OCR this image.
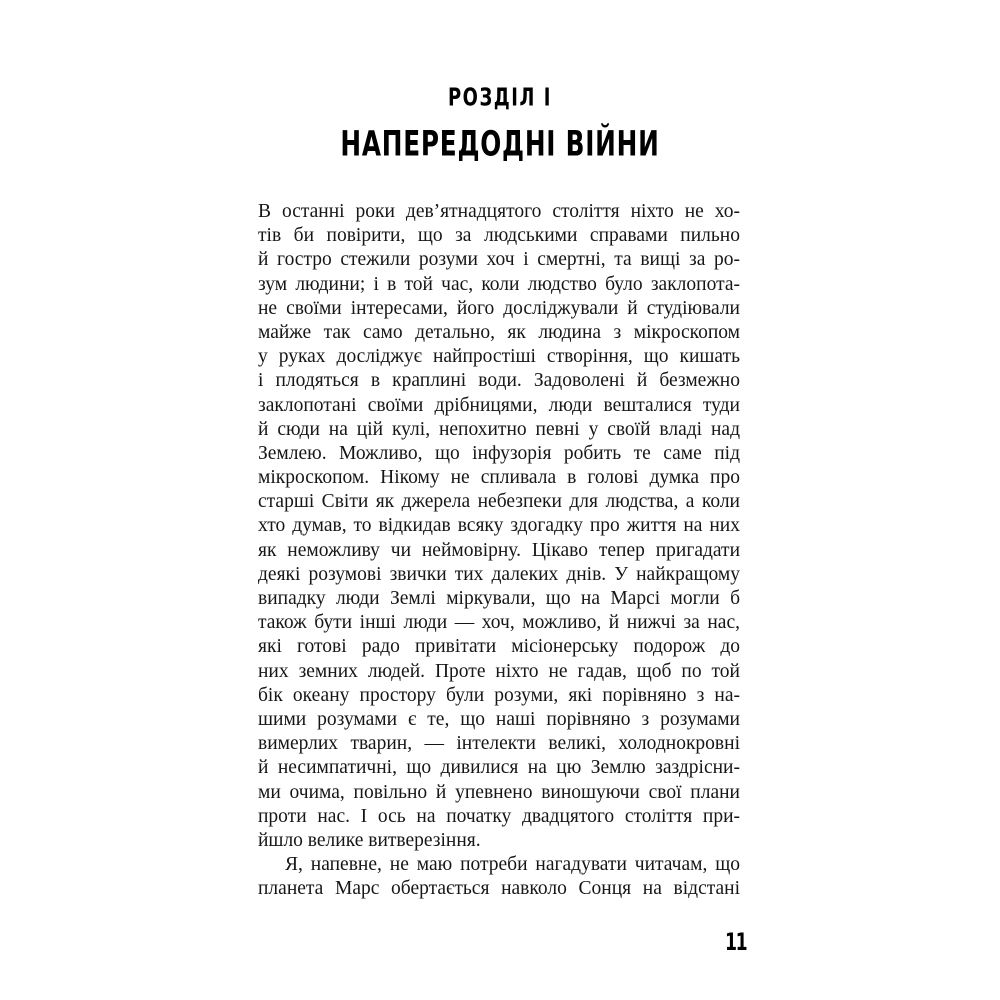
РОЗДІЛ І
НАПЕРЕДОДНІ ВІЙНИ
В останні роки дев’ятнадцятого століття ніхто не хо-
тів би повірити, що за людськими справами пильно
й гостро стежили розуми хоч і смертні, та вищі за ро-
зум людини; і в той час, коли людство було заклопота-
не своїми інтересами, його досліджували й студіювали
майже так само детально, як людина з мікроскопом
у руках досліджує найпростіші створіння, що кишать
і плодяться в краплині води. Задоволені й безмежно
заклопотані своїми дрібницями, люди вешталися туди
й сюди на цій кулі, непохитно певні у своїй владі над
Землею. Можливо, що інфузорія робить те саме під
мікроскопом. Нікому не спливала в голові думка про
старші Світи як джерела небезпеки для людства, а коли
хто думав, то відкидав всяку здогадку про життя на них
як неможливу чи неймовірну. Цікаво тепер пригадати
деякі розумові звички тих далеких днів. У найкращому
випадку люди Землі міркували, що на Марсі могли б
також бути інші люди — хоч, можливо, й нижчі за нас,
які готові радо привітати місіонерську подорож до
них земних людей. Проте ніхто не гадав, щоб по той
бік океану простору були розуми, які порівняно з на-
шими розумами є те, що наші порівняно з розумами
вимерлих тварин, — інтелекти великі, холоднокровні
й несимпатичні, що дивилися на цю Землю заздрісни-
ми очима, повільно й упевнено виношуючи свої плани
проти нас. І ось на початку двадцятого століття при-
йшло велике витверезіння.
Я, напевне, не маю потреби нагадувати читачам, що
планета Марс обертається навколо Сонця на відстані
11
